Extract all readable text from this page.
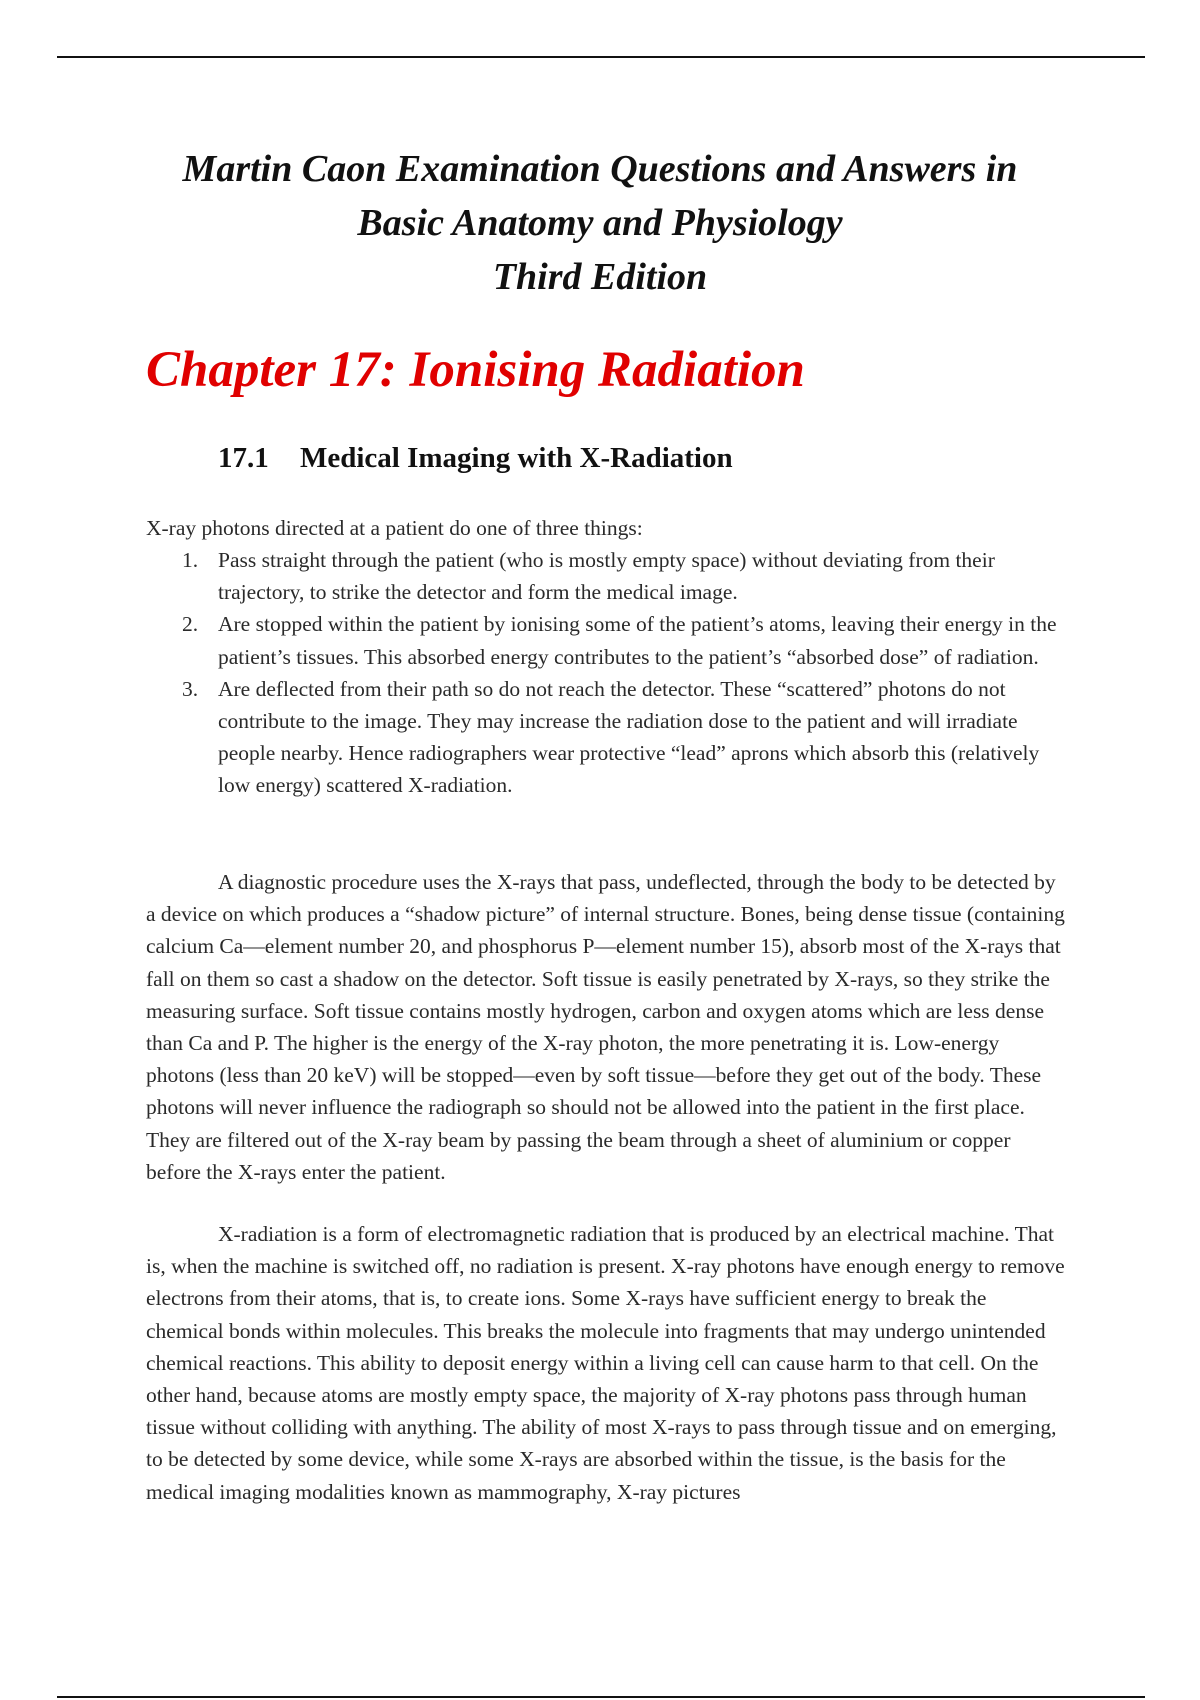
Martin Caon Examination Questions and Answers in
Basic Anatomy and Physiology
Third Edition
Chapter 17: Ionising Radiation
17.1 Medical Imaging with X-Radiation
X-ray photons directed at a patient do one of three things:
1. Pass straight through the patient (who is mostly empty space) without deviating from their trajectory, to strike the detector and form the medical image.
2. Are stopped within the patient by ionising some of the patient’s atoms, leaving their energy in the patient’s tissues. This absorbed energy contributes to the patient’s “absorbed dose” of radiation.
3. Are deflected from their path so do not reach the detector. These “scattered” photons do not contribute to the image. They may increase the radiation dose to the patient and will irradiate people nearby. Hence radiographers wear protective “lead” aprons which absorb this (relatively low energy) scattered X-radiation.

A diagnostic procedure uses the X-rays that pass, undeflected, through the body to be detected by a device on which produces a “shadow picture” of internal structure. Bones, being dense tissue (containing calcium Ca—element number 20, and phosphorus P—element number 15), absorb most of the X-rays that fall on them so cast a shadow on the detector. Soft tissue is easily penetrated by X-rays, so they strike the measuring surface. Soft tissue contains mostly hydrogen, carbon and oxygen atoms which are less dense than Ca and P. The higher is the energy of the X-ray photon, the more penetrating it is. Low-energy photons (less than 20 keV) will be stopped—even by soft tissue—before they get out of the body. These photons will never influence the radiograph so should not be allowed into the patient in the first place. They are filtered out of the X-ray beam by passing the beam through a sheet of aluminium or copper before the X-rays enter the patient.

X-radiation is a form of electromagnetic radiation that is produced by an electrical machine. That is, when the machine is switched off, no radiation is present. X-ray photons have enough energy to remove electrons from their atoms, that is, to create ions. Some X-rays have sufficient energy to break the chemical bonds within molecules. This breaks the molecule into fragments that may undergo unintended chemical reactions. This ability to deposit energy within a living cell can cause harm to that cell. On the other hand, because atoms are mostly empty space, the majority of X-ray photons pass through human tissue without colliding with anything. The ability of most X-rays to pass through tissue and on emerging, to be detected by some device, while some X-rays are absorbed within the tissue, is the basis for the medical imaging modalities known as mammography, X-ray pictures
